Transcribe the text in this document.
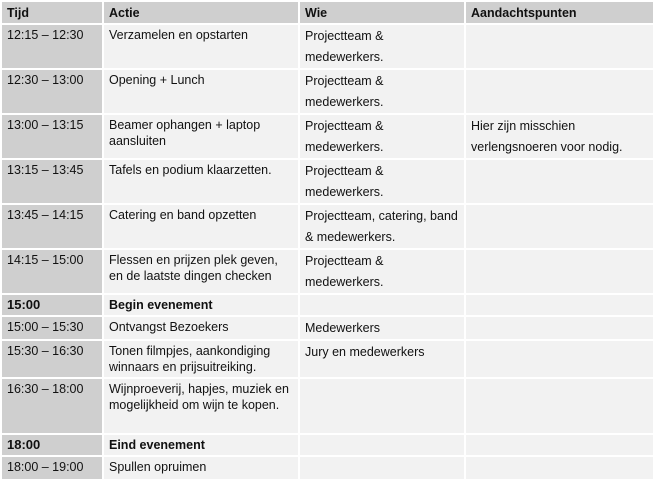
Tijd	Actie	Wie	Aandachtspunten
12:15 – 12:30	Verzamelen en opstarten	Projectteam & medewerkers.	
12:30 – 13:00	Opening + Lunch	Projectteam & medewerkers.	
13:00 – 13:15	Beamer ophangen + laptop aansluiten	Projectteam & medewerkers.	Hier zijn misschien verlengsnoeren voor nodig.
13:15 – 13:45	Tafels en podium klaarzetten.	Projectteam & medewerkers.	
13:45 – 14:15	Catering en band opzetten	Projectteam, catering, band & medewerkers.	
14:15 – 15:00	Flessen en prijzen plek geven, en de laatste dingen checken	Projectteam & medewerkers.	
15:00	Begin evenement		
15:00 – 15:30	Ontvangst Bezoekers	Medewerkers	
15:30 – 16:30	Tonen filmpjes, aankondiging winnaars en prijsuitreiking.	Jury en medewerkers	
16:30 – 18:00	Wijnproeverij, hapjes, muziek en mogelijkheid om wijn te kopen.		
18:00	Eind evenement		
18:00 – 19:00	Spullen opruimen		
